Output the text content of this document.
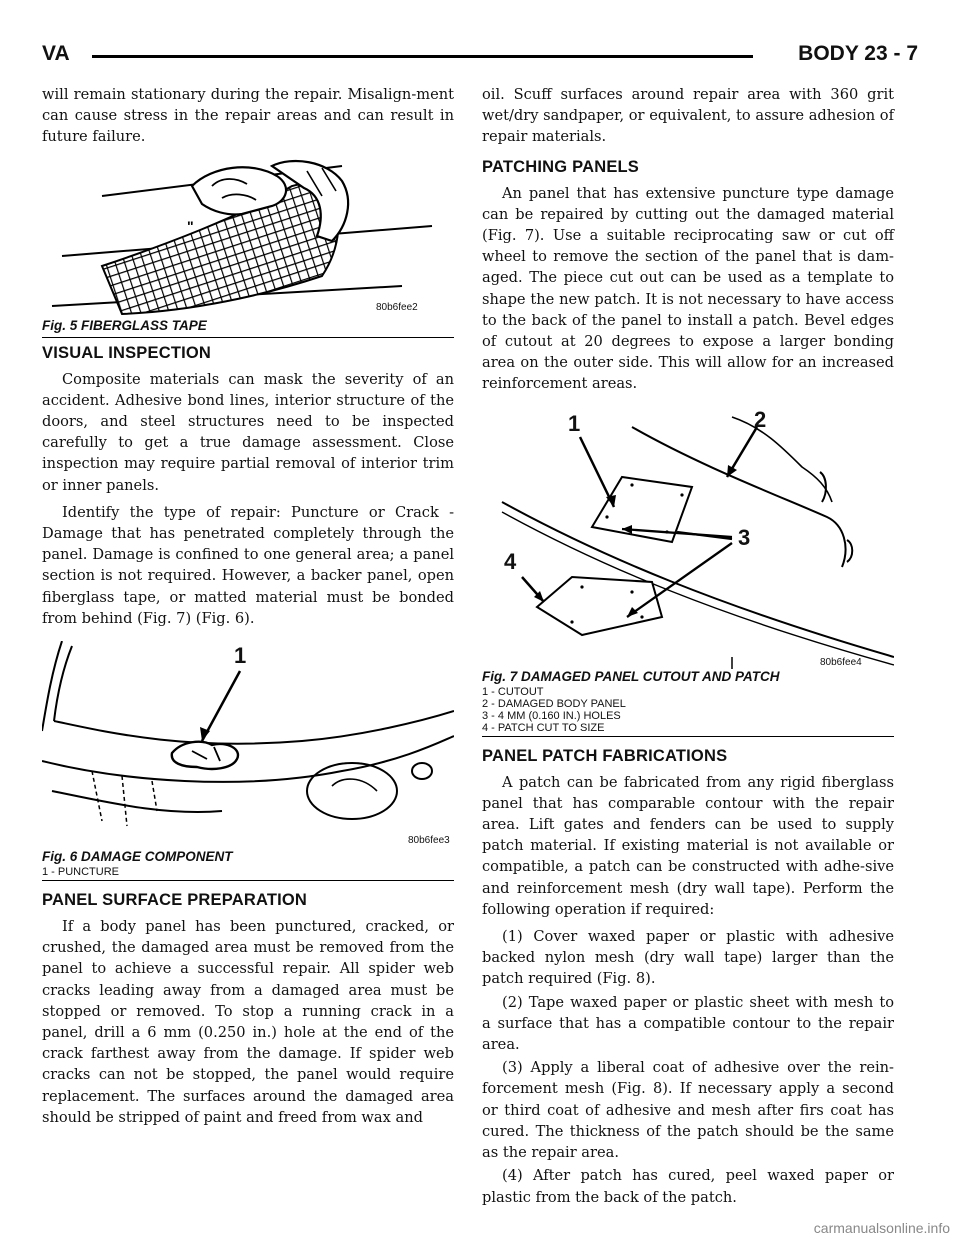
VA	BODY 23 - 7

will remain stationary during the repair. Misalign-ment can cause stress in the repair areas and can result in future failure.

"
80b6fee2
Fig. 5 FIBERGLASS TAPE
VISUAL INSPECTION

Composite materials can mask the severity of an accident. Adhesive bond lines, interior structure of the doors, and steel structures need to be inspected carefully to get a true damage assessment. Close inspection may require partial removal of interior trim or inner panels.

Identify the type of repair: Puncture or Crack - Damage that has penetrated completely through the panel. Damage is confined to one general area; a panel section is not required. However, a backer panel, open fiberglass tape, or matted material must be bonded from behind (Fig. 7) (Fig. 6).

1
80b6fee3
Fig. 6 DAMAGE COMPONENT
1 - PUNCTURE
PANEL SURFACE PREPARATION

If a body panel has been punctured, cracked, or crushed, the damaged area must be removed from the panel to achieve a successful repair. All spider web cracks leading away from a damaged area must be stopped or removed. To stop a running crack in a panel, drill a 6 mm (0.250 in.) hole at the end of the crack farthest away from the damage. If spider web cracks can not be stopped, the panel would require replacement. The surfaces around the damaged area should be stripped of paint and freed from wax and

oil. Scuff surfaces around repair area with 360 grit wet/dry sandpaper, or equivalent, to assure adhesion of repair materials.

PATCHING PANELS

An panel that has extensive puncture type damage can be repaired by cutting out the damaged material (Fig. 7). Use a suitable reciprocating saw or cut off wheel to remove the section of the panel that is dam-aged. The piece cut out can be used as a template to shape the new patch. It is not necessary to have access to the back of the panel to install a patch. Bevel edges of cutout at 20 degrees to expose a larger bonding area on the outer side. This will allow for an increased reinforcement areas.

1	2
3
4
80b6fee4
Fig. 7 DAMAGED PANEL CUTOUT AND PATCH
1 - CUTOUT
2 - DAMAGED BODY PANEL
3 - 4 MM (0.160 IN.) HOLES
4 - PATCH CUT TO SIZE
PANEL PATCH FABRICATIONS

A patch can be fabricated from any rigid fiberglass panel that has comparable contour with the repair area. Lift gates and fenders can be used to supply patch material. If existing material is not available or compatible, a patch can be constructed with adhe-sive and reinforcement mesh (dry wall tape). Perform the following operation if required:

(1) Cover waxed paper or plastic with adhesive backed nylon mesh (dry wall tape) larger than the patch required (Fig. 8).

(2) Tape waxed paper or plastic sheet with mesh to a surface that has a compatible contour to the repair area.

(3) Apply a liberal coat of adhesive over the rein-forcement mesh (Fig. 8). If necessary apply a second or third coat of adhesive and mesh after firs coat has cured. The thickness of the patch should be the same as the repair area.

(4) After patch has cured, peel waxed paper or plastic from the back of the patch.

carmanualsonline.info
